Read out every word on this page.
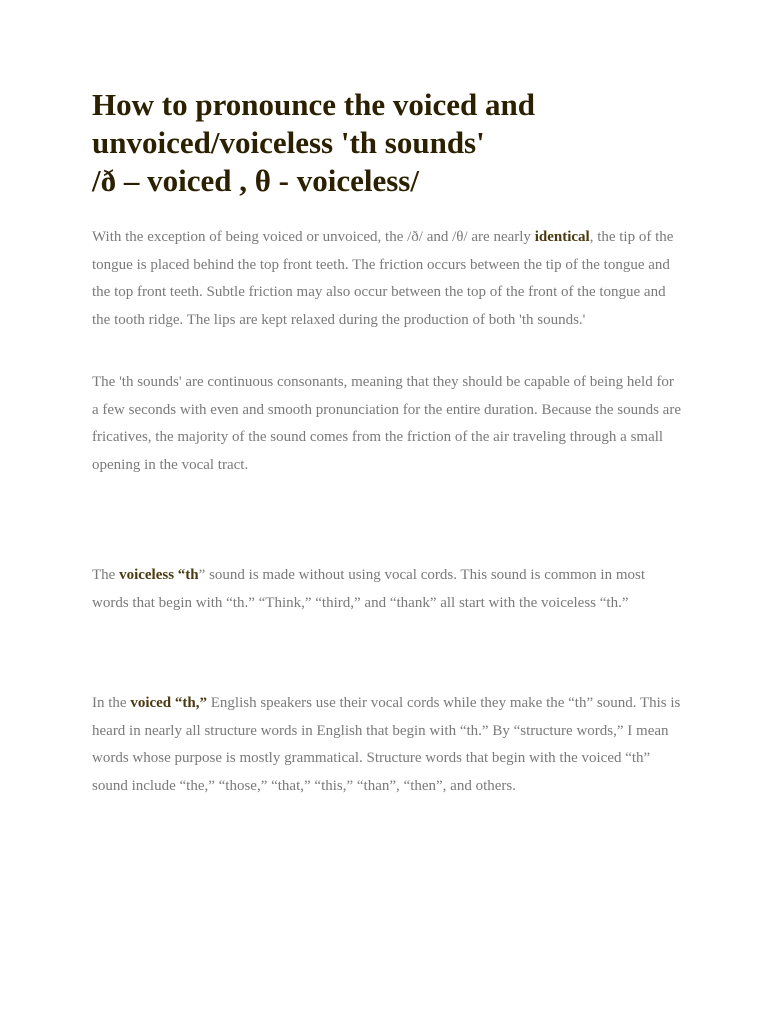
How to pronounce the voiced and
unvoiced/voiceless 'th sounds'
/ð – voiced , θ - voiceless/

With the exception of being voiced or unvoiced, the /ð/ and /θ/ are nearly identical, the tip of the tongue is placed behind the top front teeth. The friction occurs between the tip of the tongue and the top front teeth. Subtle friction may also occur between the top of the front of the tongue and the tooth ridge. The lips are kept relaxed during the production of both 'th sounds.'

The 'th sounds' are continuous consonants, meaning that they should be capable of being held for a few seconds with even and smooth pronunciation for the entire duration. Because the sounds are fricatives, the majority of the sound comes from the friction of the air traveling through a small opening in the vocal tract.

The voiceless “th” sound is made without using vocal cords. This sound is common in most words that begin with “th.” “Think,” “third,” and “thank” all start with the voiceless “th.”

In the voiced “th,” English speakers use their vocal cords while they make the “th” sound. This is heard in nearly all structure words in English that begin with “th.” By “structure words,” I mean words whose purpose is mostly grammatical. Structure words that begin with the voiced “th” sound include “the,” “those,” “that,” “this,” “than”, “then”, and others.
